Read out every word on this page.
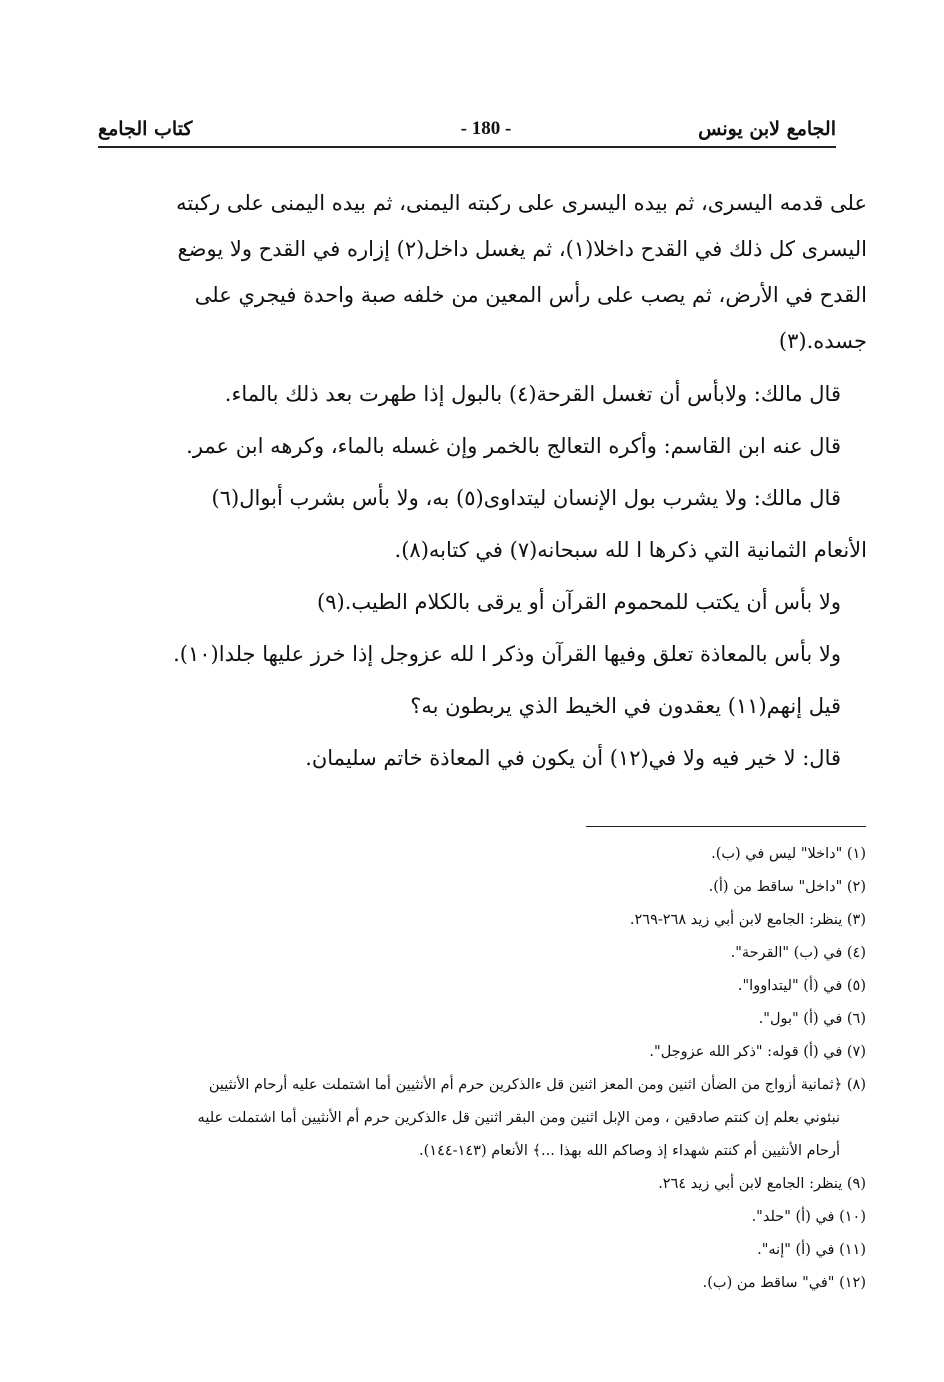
الجامع لابن يونس
- 180 -
كتاب الجامع

على قدمه اليسرى، ثم بيده اليسرى على ركبته اليمنى، ثم بيده اليمنى على ركبته

اليسرى كل ذلك في القدح داخلا(١)، ثم يغسل داخل(٢) إزاره في القدح ولا يوضع

القدح في الأرض، ثم يصب على رأس المعين من خلفه صبة واحدة فيجري على

جسده.(٣)

قال مالك: ولابأس أن تغسل القرحة(٤) بالبول إذا طهرت بعد ذلك بالماء.

قال عنه ابن القاسم: وأكره التعالج بالخمر وإن غسله بالماء، وكرهه ابن عمر.

قال مالك: ولا يشرب بول الإنسان ليتداوى(٥) به، ولا بأس بشرب أبوال(٦)

الأنعام الثمانية التي ذكرها ا لله سبحانه(٧) في كتابه(٨).

ولا بأس أن يكتب للمحموم القرآن أو يرقى بالكلام الطيب.(٩)

ولا بأس بالمعاذة تعلق وفيها القرآن وذكر ا لله عزوجل إذا خرز عليها جلدا(١٠).

قيل إنهم(١١) يعقدون في الخيط الذي يربطون به؟

قال: لا خير فيه ولا في(١٢) أن يكون في المعاذة خاتم سليمان.

(١) "داخلا" ليس في (ب).

(٢) "داخل" ساقط من (أ).

(٣) ينظر: الجامع لابن أبي زيد ٢٦٨-٢٦٩.

(٤) في (ب) "القرحة".

(٥) في (أ) "ليتداووا".

(٦) في (أ) "بول".

(٧) في (أ) قوله: "ذكر الله عزوجل".

(٨) ﴿ثمانية أزواج من الضأن اثنين ومن المعز اثنين قل ءالذكرين حرم أم الأنثيين أما اشتملت عليه أرحام الأنثيين

نبئوني بعلم إن كنتم صادقين ، ومن الإبل اثنين ومن البقر اثنين قل ءالذكرين حرم أم الأنثيين أما اشتملت عليه

أرحام الأنثيين أم كنتم شهداء إذ وصاكم الله بهذا ...﴾ الأنعام (١٤٣-١٤٤).

(٩) ينظر: الجامع لابن أبي زيد ٢٦٤.

(١٠) في (أ) "حلد".

(١١) في (أ) "إنه".

(١٢) "في" ساقط من (ب).
